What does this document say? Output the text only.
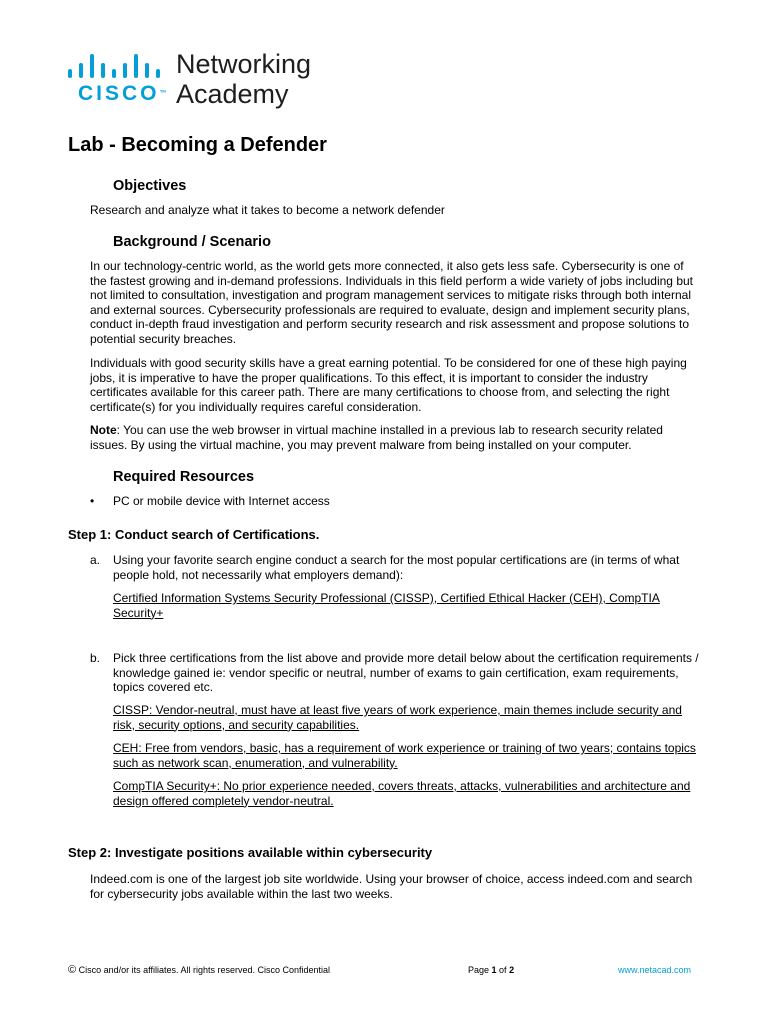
CISCO™
Networking
Academy
Lab - Becoming a Defender
Objectives

Research and analyze what it takes to become a network defender

Background / Scenario

In our technology-centric world, as the world gets more connected, it also gets less safe. Cybersecurity is one of the fastest growing and in-demand professions. Individuals in this field perform a wide variety of jobs including but not limited to consultation, investigation and program management services to mitigate risks through both internal and external sources. Cybersecurity professionals are required to evaluate, design and implement security plans, conduct in-depth fraud investigation and perform security research and risk assessment and propose solutions to potential security breaches.

Individuals with good security skills have a great earning potential. To be considered for one of these high paying jobs, it is imperative to have the proper qualifications. To this effect, it is important to consider the industry certificates available for this career path. There are many certifications to choose from, and selecting the right certificate(s) for you individually requires careful consideration.

Note: You can use the web browser in virtual machine installed in a previous lab to research security related issues. By using the virtual machine, you may prevent malware from being installed on your computer.

Required Resources
• PC or mobile device with Internet access

Step 1: Conduct search of Certifications.
a. Using your favorite search engine conduct a search for the most popular certifications are (in terms of what people hold, not necessarily what employers demand):

Certified Information Systems Security Professional (CISSP), Certified Ethical Hacker (CEH), CompTIA Security+

b. Pick three certifications from the list above and provide more detail below about the certification requirements / knowledge gained ie: vendor specific or neutral, number of exams to gain certification, exam requirements, topics covered etc.

CISSP: Vendor-neutral, must have at least five years of work experience, main themes include security and risk, security options, and security capabilities.

CEH: Free from vendors, basic, has a requirement of work experience or training of two years; contains topics such as network scan, enumeration, and vulnerability.

CompTIA Security+: No prior experience needed, covers threats, attacks, vulnerabilities and architecture and design offered completely vendor-neutral.

Step 2: Investigate positions available within cybersecurity

Indeed.com is one of the largest job site worldwide. Using your browser of choice, access indeed.com and search for cybersecurity jobs available within the last two weeks.

© Cisco and/or its affiliates. All rights reserved. Cisco Confidential	Page 1 of 2	www.netacad.com
